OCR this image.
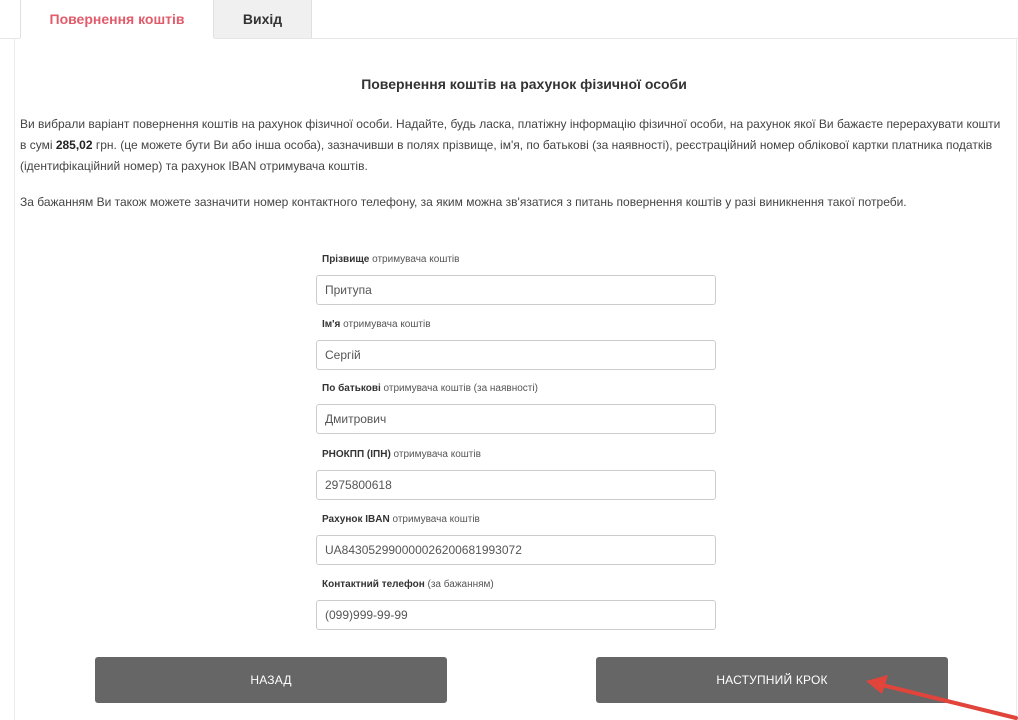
Повернення коштів	Вихід
Повернення коштів на рахунок фізичної особи
Ви вибрали варіант повернення коштів на рахунок фізичної особи. Надайте, будь ласка, платіжну інформацію фізичної особи, на рахунок якої Ви бажаєте перерахувати кошти в сумі 285,02 грн. (це можете бути Ви або інша особа), зазначивши в полях прізвище, ім'я, по батькові (за наявності), реєстраційний номер облікової картки платника податків (ідентифікаційний номер) та рахунок IBAN отримувача коштів.
За бажанням Ви також можете зазначити номер контактного телефону, за яким можна зв'язатися з питань повернення коштів у разі виникнення такої потреби.
Прізвище отримувача коштів
Притупа
Ім'я отримувача коштів
Сергій
По батькові отримувача коштів (за наявності)
Дмитрович
РНОКПП (ІПН) отримувача коштів
2975800618
Рахунок IBAN отримувача коштів
UA843052990000026200681993072
Контактний телефон (за бажанням)
(099)999-99-99
НАЗАД	НАСТУПНИЙ КРОК
